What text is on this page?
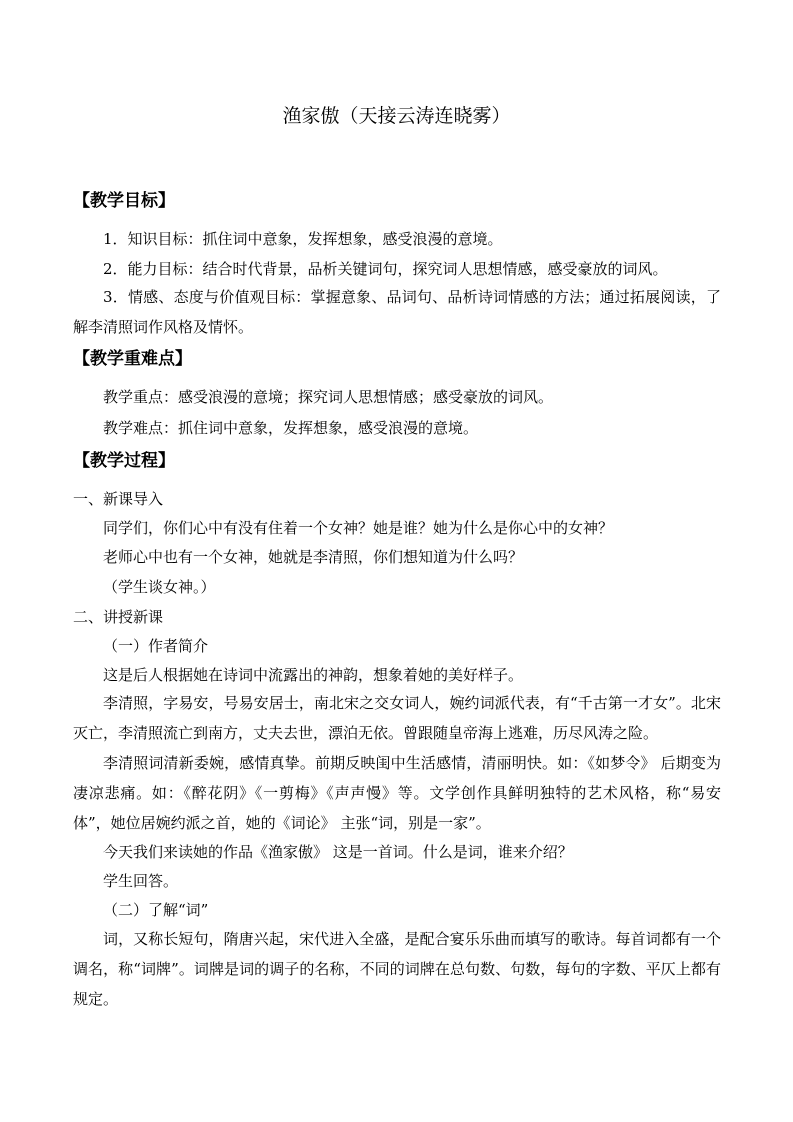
渔家傲（天接云涛连晓雾）
【教学目标】
1．知识目标：抓住词中意象，发挥想象，感受浪漫的意境。
2．能力目标：结合时代背景，品析关键词句，探究词人思想情感，感受豪放的词风。
3．情感、态度与价值观目标：掌握意象、品词句、品析诗词情感的方法；通过拓展阅读，了解李清照词作风格及情怀。
【教学重难点】
教学重点：感受浪漫的意境；探究词人思想情感；感受豪放的词风。
教学难点：抓住词中意象，发挥想象，感受浪漫的意境。
【教学过程】
一、新课导入
同学们，你们心中有没有住着一个女神？她是谁？她为什么是你心中的女神？
老师心中也有一个女神，她就是李清照，你们想知道为什么吗？
（学生谈女神。）
二、讲授新课
（一）作者简介
这是后人根据她在诗词中流露出的神韵，想象着她的美好样子。
李清照，字易安，号易安居士，南北宋之交女词人，婉约词派代表，有“千古第一才女”。北宋灭亡，李清照流亡到南方，丈夫去世，漂泊无依。曾跟随皇帝海上逃难，历尽风涛之险。
李清照词清新委婉，感情真挚。前期反映闺中生活感情，清丽明快。如：《如梦令》 后期变为凄凉悲痛。如：《醉花阴》《一剪梅》《声声慢》等。文学创作具鲜明独特的艺术风格，称“易安体”，她位居婉约派之首，她的《词论》 主张“词，别是一家”。
今天我们来读她的作品《渔家傲》 这是一首词。什么是词，谁来介绍？
学生回答。
（二）了解“词”
词，又称长短句，隋唐兴起，宋代进入全盛，是配合宴乐乐曲而填写的歌诗。每首词都有一个调名，称“词牌”。词牌是词的调子的名称，不同的词牌在总句数、句数，每句的字数、平仄上都有规定。
